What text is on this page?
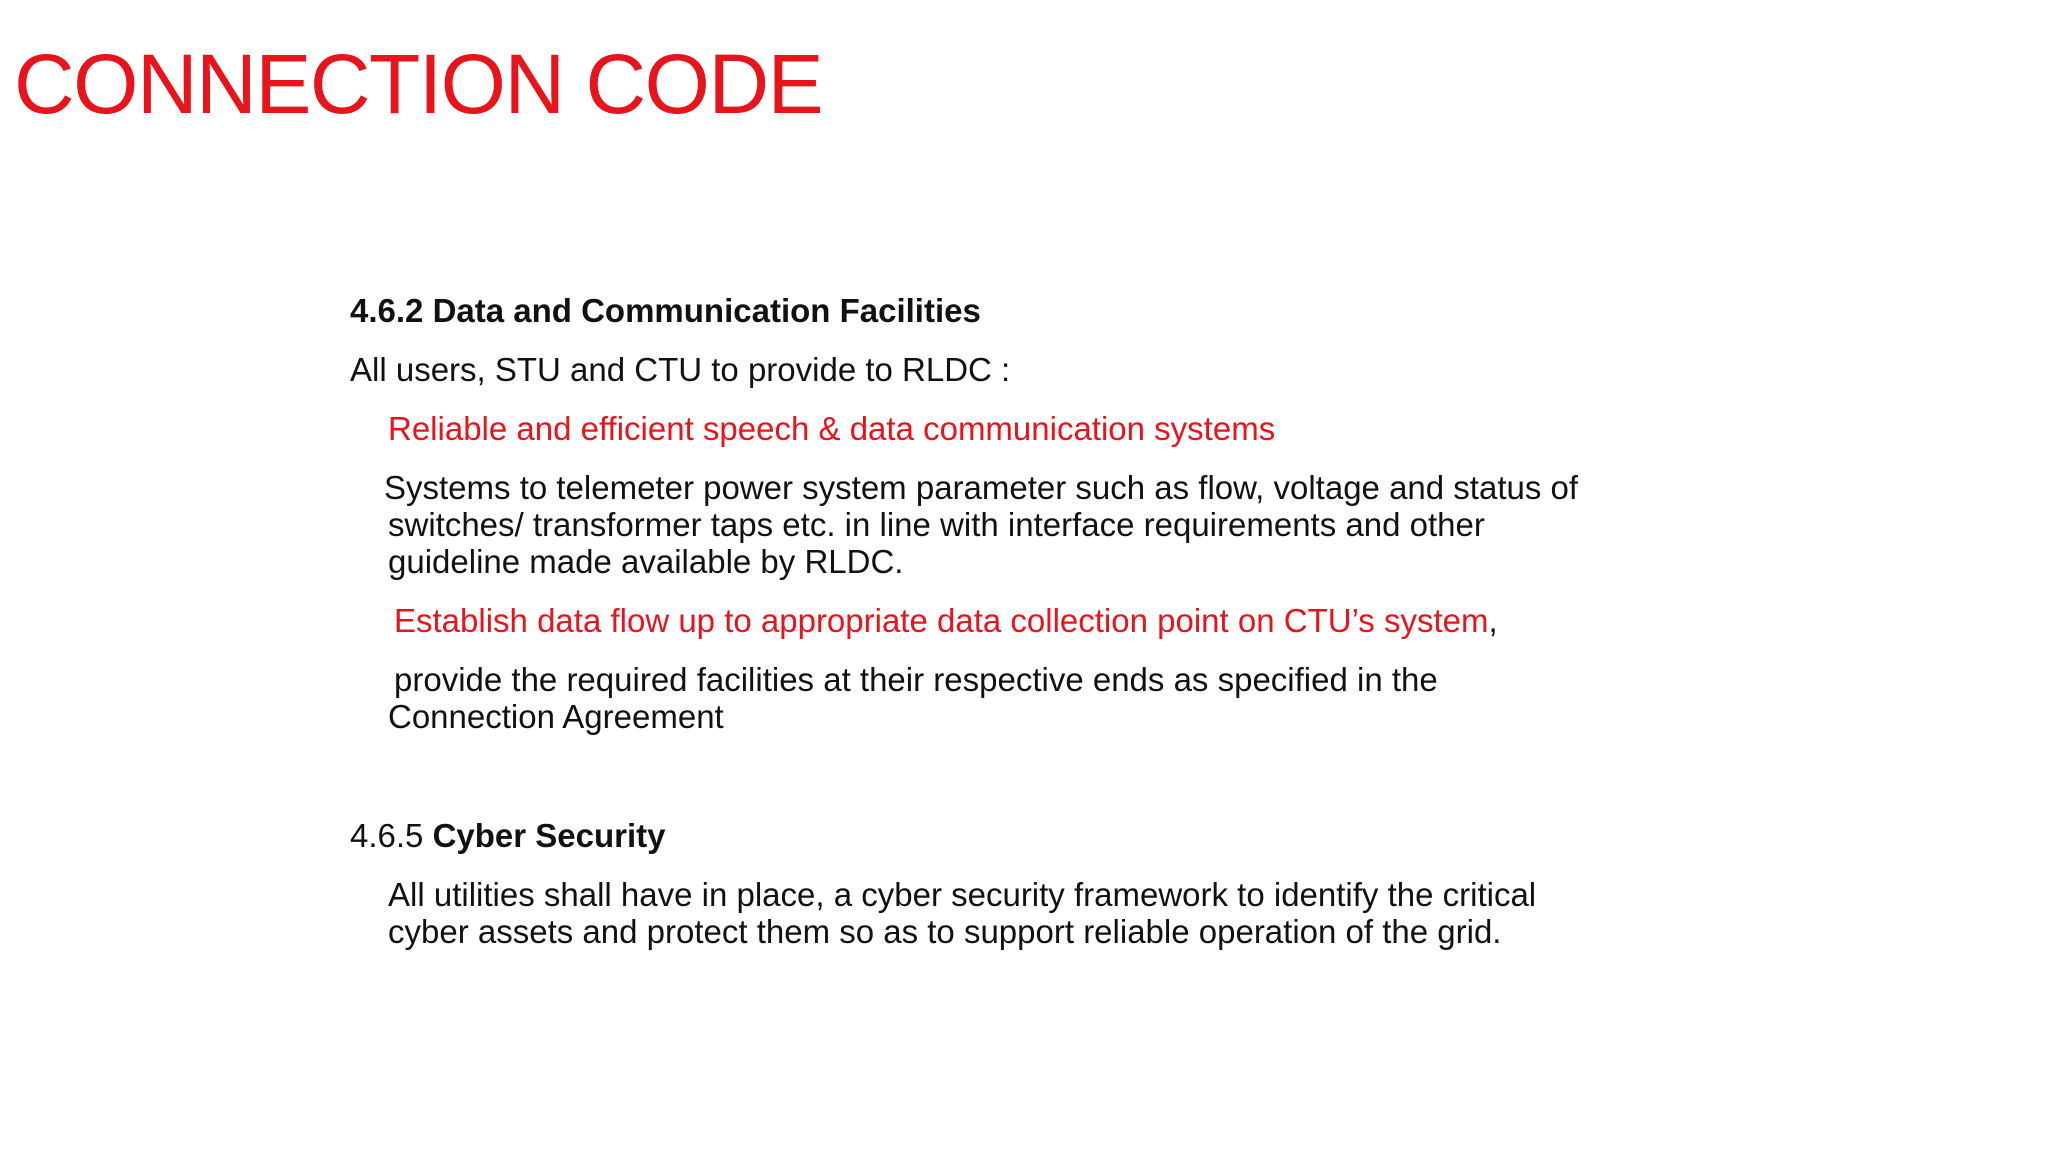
CONNECTION CODE
4.6.2 Data and Communication Facilities
All users, STU and CTU to provide to RLDC :
Reliable and efficient speech & data communication systems
Systems to telemeter power system parameter such as flow, voltage and status of
switches/ transformer taps etc. in line with interface requirements and other
guideline made available by RLDC.
Establish data flow up to appropriate data collection point on CTU’s system,
provide the required facilities at their respective ends as specified in the
Connection Agreement
4.6.5 Cyber Security
All utilities shall have in place, a cyber security framework to identify the critical
cyber assets and protect them so as to support reliable operation of the grid.
